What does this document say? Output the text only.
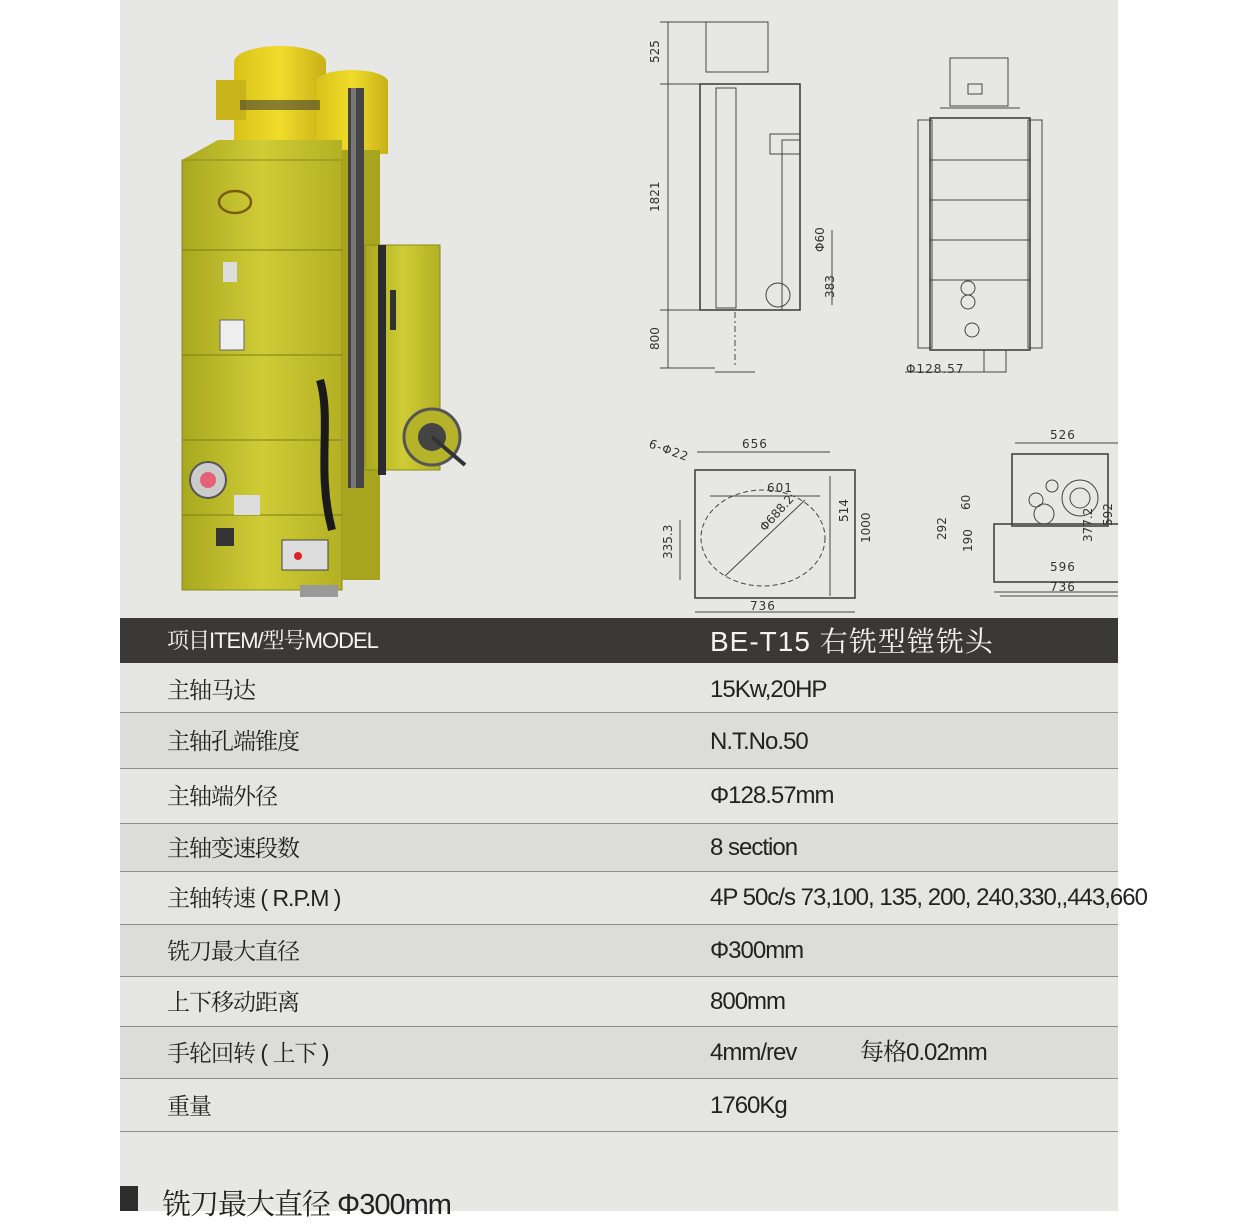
525
1821
800
Φ60
383
Φ128.57
656
6-Φ22
601
Φ688.2	514
1000
335.3
736
526
60
292
190	377.2 592
596
736
项目ITEM/型号MODEL	BE-T15 右铣型镗铣头
主轴马达	15Kw,20HP
主轴孔端锥度	N.T.No.50
主轴端外径	Φ128.57mm
主轴变速段数	8 section
主轴转速 ( R.P.M )	4P 50c/s 73,100, 135, 200, 240,330,,443,660
铣刀最大直径	Φ300mm
上下移动距离	800mm
手轮回转 ( 上下 )	4mm/rev	每格0.02mm
重量	1760Kg
铣刀最大直径 Φ300mm
